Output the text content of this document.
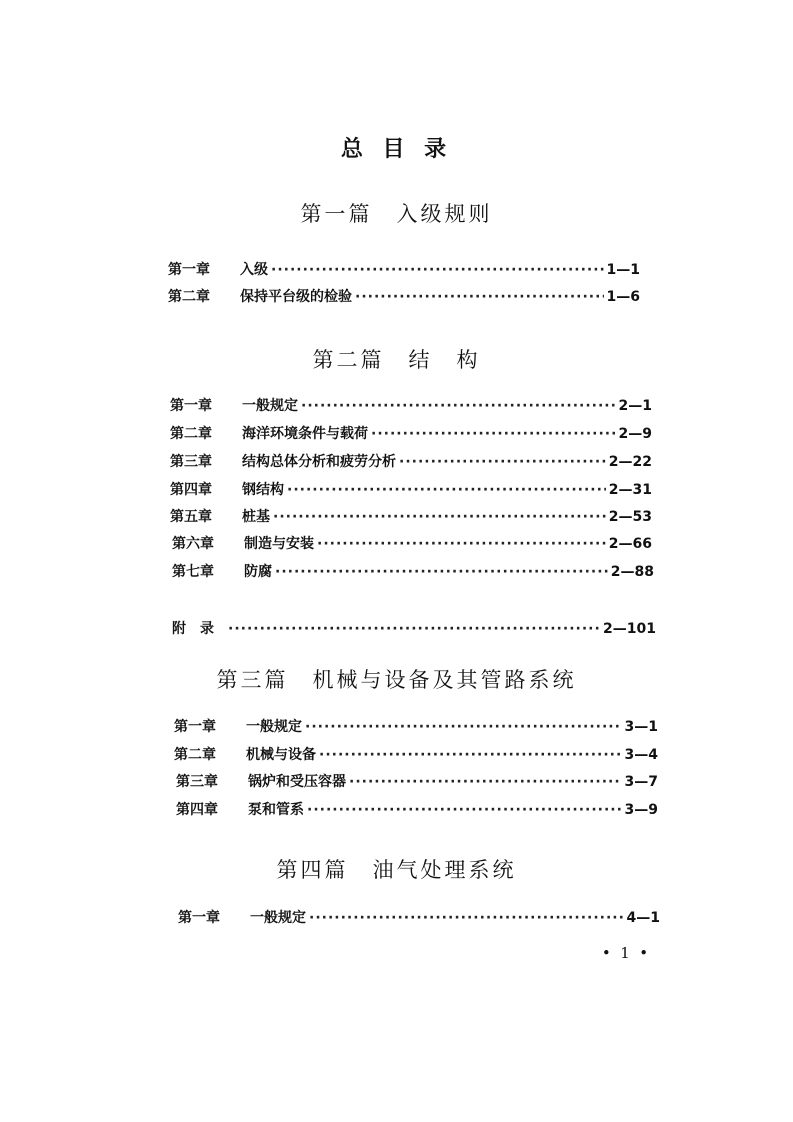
总 目 录
第一篇　入级规则
第一章	入级 ·····	1—1
第二章	保持平台级的检验 ·····	1—6
第二篇　结　构
第一章	一般规定 ·····	2—1
第二章	海洋环境条件与载荷 ·····	2—9
第三章	结构总体分析和疲劳分析 ·····	2—22
第四章	钢结构 ·····	2—31
第五章	桩基 ·····	2—53
第六章	制造与安装 ·····	2—66
第七章	防腐 ·····	2—88
附　录 ·····	2—101
第三篇　机械与设备及其管路系统
第一章	一般规定 ·····	3—1
第二章	机械与设备 ·····	3—4
第三章	锅炉和受压容器 ·····	3—7
第四章	泵和管系 ·····	3—9
第四篇　油气处理系统
第一章	一般规定 ·····	4—1
•  1  •
